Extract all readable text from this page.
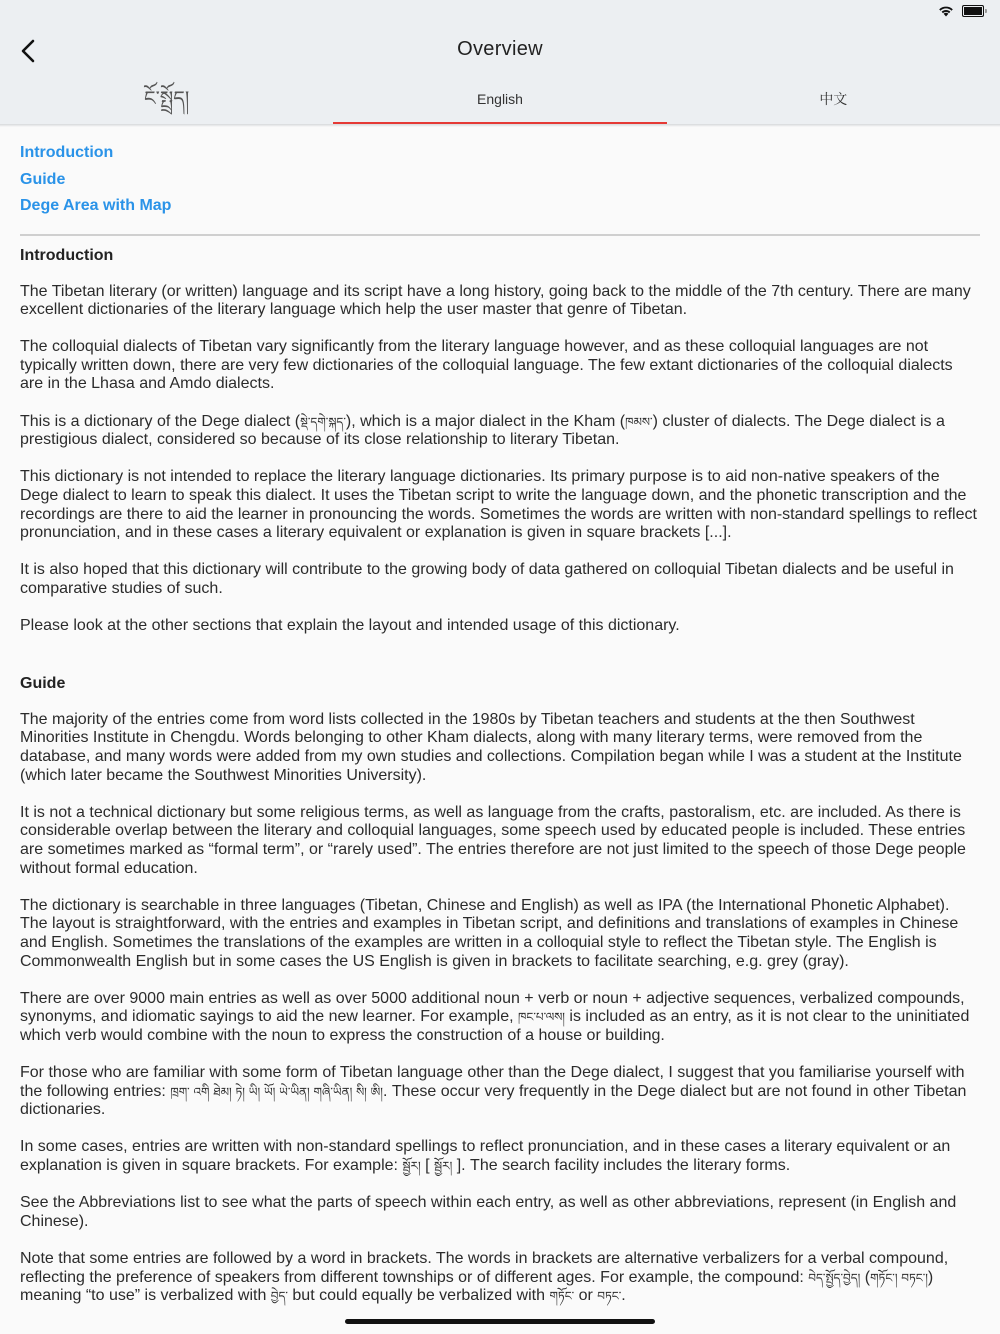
Overview
ངོ་སྤྲོད།	English	中文
Introduction
Guide
Dege Area with Map
Introduction

The Tibetan literary (or written) language and its script have a long history, going back to the middle of the 7th century. There are many excellent dictionaries of the literary language which help the user master that genre of Tibetan.

The colloquial dialects of Tibetan vary significantly from the literary language however, and as these colloquial languages are not typically written down, there are very few dictionaries of the colloquial language. The few extant dictionaries of the colloquial dialects are in the Lhasa and Amdo dialects.

This is a dictionary of the Dege dialect (སྡེ་དགེ་སྐད་), which is a major dialect in the Kham (ཁམས་) cluster of dialects. The Dege dialect is a prestigious dialect, considered so because of its close relationship to literary Tibetan.

This dictionary is not intended to replace the literary language dictionaries. Its primary purpose is to aid non-native speakers of the Dege dialect to learn to speak this dialect. It uses the Tibetan script to write the language down, and the phonetic transcription and the recordings are there to aid the learner in pronouncing the words. Sometimes the words are written with non-standard spellings to reflect pronunciation, and in these cases a literary equivalent or explanation is given in square brackets [...].

It is also hoped that this dictionary will contribute to the growing body of data gathered on colloquial Tibetan dialects and be useful in comparative studies of such.

Please look at the other sections that explain the layout and intended usage of this dictionary.

Guide

The majority of the entries come from word lists collected in the 1980s by Tibetan teachers and students at the then Southwest Minorities Institute in Chengdu. Words belonging to other Kham dialects, along with many literary terms, were removed from the database, and many words were added from my own studies and collections. Compilation began while I was a student at the Institute (which later became the Southwest Minorities University).

It is not a technical dictionary but some religious terms, as well as language from the crafts, pastoralism, etc. are included. As there is considerable overlap between the literary and colloquial languages, some speech used by educated people is included. These entries are sometimes marked as “formal term”, or “rarely used”. The entries therefore are not just limited to the speech of those Dege people without formal education.

The dictionary is searchable in three languages (Tibetan, Chinese and English) as well as IPA (the International Phonetic Alphabet). The layout is straightforward, with the entries and examples in Tibetan script, and definitions and translations of examples in Chinese and English. Sometimes the translations of the examples are written in a colloquial style to reflect the Tibetan style. The English is Commonwealth English but in some cases the US English is given in brackets to facilitate searching, e.g. grey (gray).

There are over 9000 main entries as well as over 5000 additional noun + verb or noun + adjective sequences, verbalized compounds, synonyms, and idiomatic sayings to aid the new learner. For example, ཁང་པ་ལས། is included as an entry, as it is not clear to the uninitiated which verb would combine with the noun to express the construction of a house or building.

For those who are familiar with some form of Tibetan language other than the Dege dialect, I suggest that you familiarise yourself with the following entries: ཁྲག་ འགི ཐེམ། ཏེ། ཡི། ཡོ། ཡེ་ཡིན། གཞི་ཡིན། སི། ཨི།. These occur very frequently in the Dege dialect but are not found in other Tibetan dictionaries.

In some cases, entries are written with non-standard spellings to reflect pronunciation, and in these cases a literary equivalent or an explanation is given in square brackets. For example: སྦྱོར། [ སྦྱོར། ]. The search facility includes the literary forms.

See the Abbreviations list to see what the parts of speech within each entry, as well as other abbreviations, represent (in English and Chinese).

Note that some entries are followed by a word in brackets. The words in brackets are alternative verbalizers for a verbal compound, reflecting the preference of speakers from different townships or of different ages. For example, the compound: བེད་སྤྱོད་བྱེད། (གཏོང་། བཏང་།) meaning “to use” is verbalized with བྱེད་ but could equally be verbalized with གཏོང་ or བཏང་.
